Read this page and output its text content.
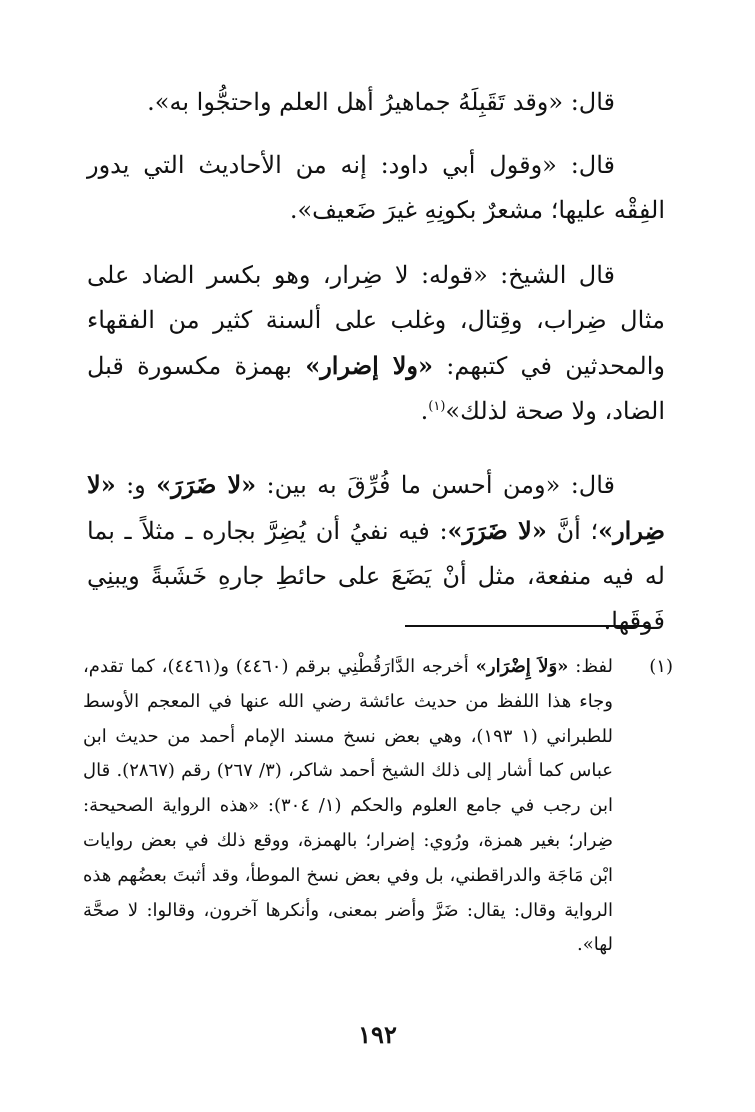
قال: «وقد تَقَبِلَهُ جماهيرُ أهل العلم واحتجُّوا به».

قال: «وقول أبي داود: إنه من الأحاديث التي يدور الفِقْه عليها؛ مشعرٌ بكونِهِ غيرَ ضَعيف».

قال الشيخ: «قوله: لا ضِرار، وهو بكسر الضاد على مثال ضِراب، وقِتال، وغلب على ألسنة كثير من الفقهاء والمحدثين في كتبهم: «ولا إضرار» بهمزة مكسورة قبل الضاد، ولا صحة لذلك»$^{(١)}$.

قال: «ومن أحسن ما فُرِّقَ به بين: «لا ضَرَرَ» و: «لا ضِرار»؛ أنَّ «لا ضَرَرَ»: فيه نفيُ أن يُضِرَّ بجاره ـ مثلاً ـ بما له فيه منفعة، مثل أنْ يَضَعَ على حائطِ جارهِ خَشَبةً ويبنِي فَوقَها.

(١)
لفظ: «وَلاَ إِضْرَار» أخرجه الدَّارَقُطْنِي برقم (٤٤٦٠) و(٤٤٦١)، كما تقدم، وجاء هذا اللفظ من حديث عائشة رضي الله عنها في المعجم الأوسط للطبراني (١ ١٩٣)، وهي بعض نسخ مسند الإمام أحمد من حديث ابن عباس كما أشار إلى ذلك الشيخ أحمد شاكر، (٣/ ٢٦٧) رقم (٢٨٦٧). قال ابن رجب في جامع العلوم والحكم (١/ ٣٠٤): «هذه الرواية الصحيحة: ضِرار؛ بغير همزة، ورُوي: إضرار؛ بالهمزة، ووقع ذلك في بعض روايات ابْن مَاجَة والدراقطني، بل وفي بعض نسخ الموطأ، وقد أثبتَ بعضُهم هذه الرواية وقال: يقال: ضَرَّ وأضر بمعنى، وأنكرها آخرون، وقالوا: لا صحَّة لها».
١٩٢
